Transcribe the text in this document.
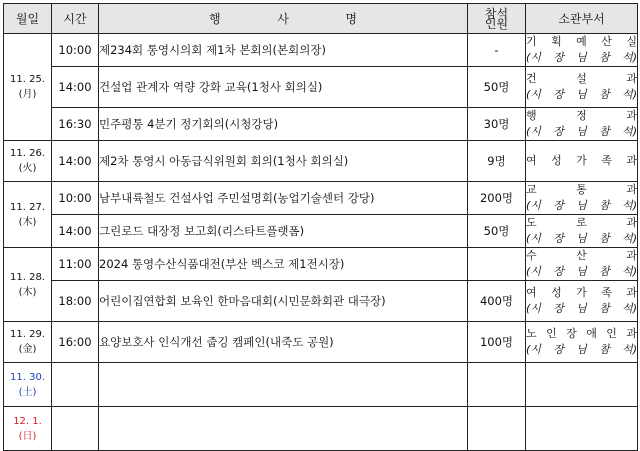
월일	시간	행 사 명	참석
인원	소관부서
11. 25.
(月)	10:00	제234회 통영시의회 제1차 본회의(본회의장)	-	기 획 예 산 실
(시 장 님 참 석)

	14:00	건설업 관계자 역량 강화 교육(1청사 회의실)	50명	건 설 과
(시 장 님 참 석)

	16:30	민주평통 4분기 정기회의(시청강당)	30명	행 정 과
(시 장 님 참 석)

11. 26.
(火)	14:00	제2차 통영시 아동급식위원회 회의(1청사 회의실)	9명	여 성 가 족 과

11. 27.
(木)	10:00	남부내륙철도 건설사업 주민설명회(농업기술센터 강당)	200명	교 통 과
(시 장 님 참 석)

	14:00	그린로드 대장정 보고회(리스타트플랫폼)	50명	도 로 과
(시 장 님 참 석)

11. 28.
(木)	11:00	2024 통영수산식품대전(부산 벡스코 제1전시장)		수 산 과
(시 장 님 참 석)

	18:00	어린이집연합회 보육인 한마음대회(시민문화회관 대극장)	400명	여 성 가 족 과
(시 장 님 참 석)

11. 29.
(金)	16:00	요양보호사 인식개선 줍깅 캠페인(내죽도 공원)	100명	노 인 장 애 인 과
(시 장 님 참 석)

11. 30.
(土)				
12. 1.
(日)				
